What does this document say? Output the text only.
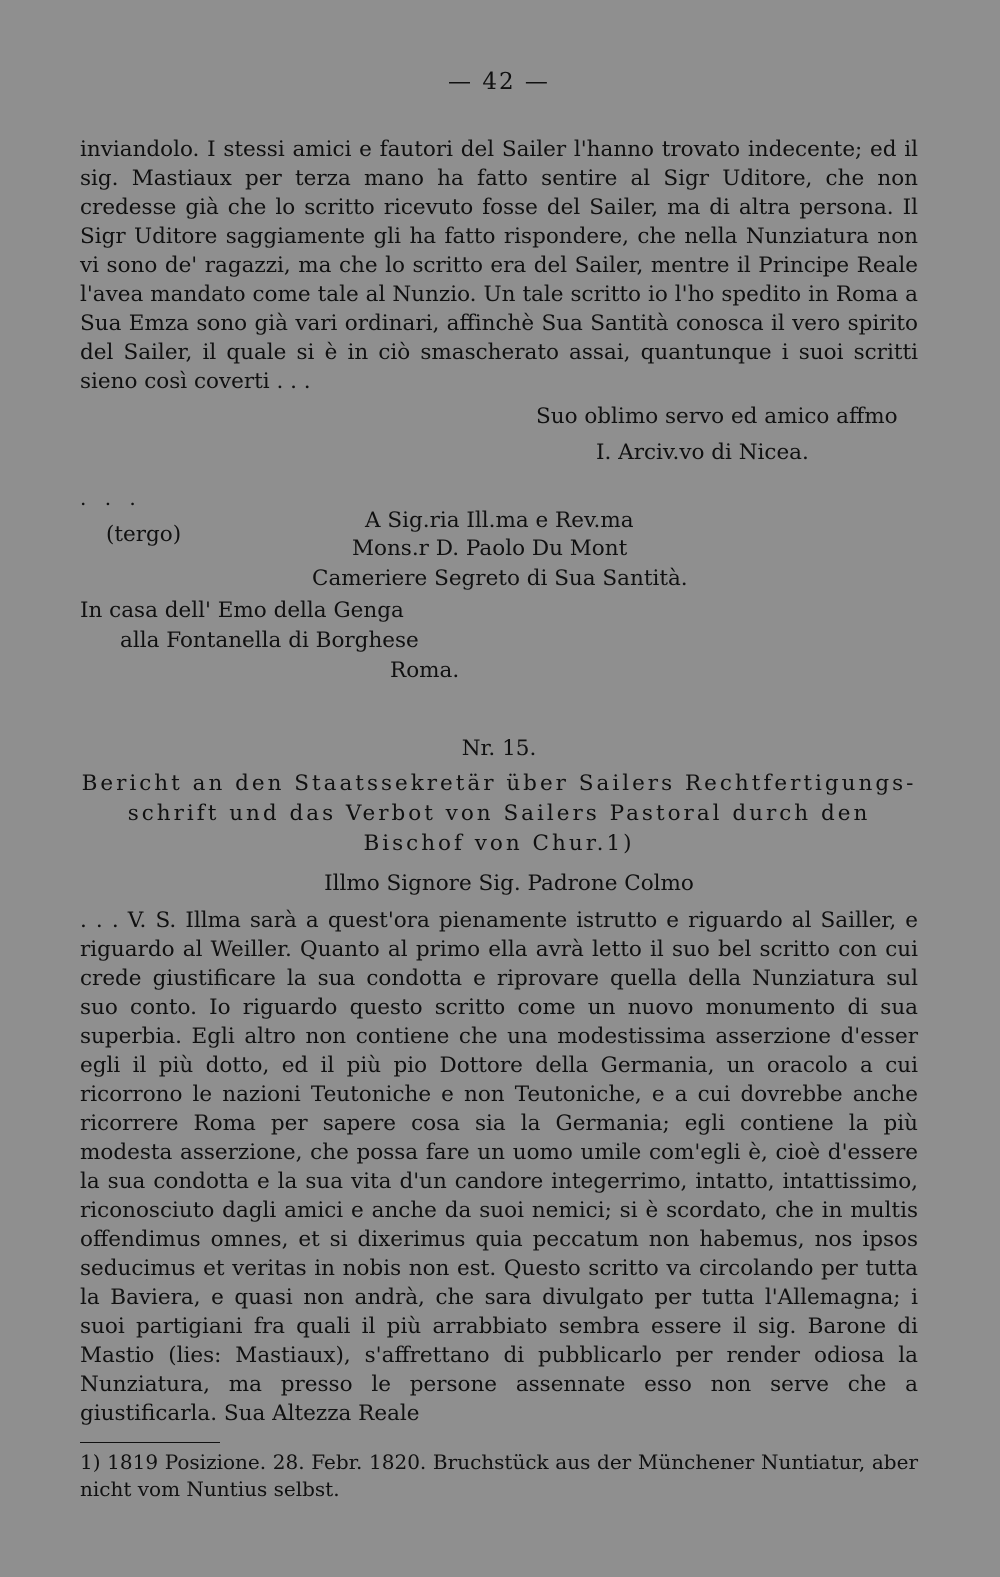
— 42 —

inviandolo. I stessi amici e fautori del Sailer l'hanno trovato indecente; ed il sig. Mastiaux per terza mano ha fatto sentire al Sigr Uditore, che non credesse già che lo scritto ricevuto fosse del Sailer, ma di altra persona. Il Sigr Uditore saggiamente gli ha fatto rispondere, che nella Nunziatura non vi sono de' ragazzi, ma che lo scritto era del Sailer, mentre il Principe Reale l'avea mandato come tale al Nunzio. Un tale scritto io l'ho spedito in Roma a Sua Emza sono già vari ordinari, affinchè Sua Santità conosca il vero spirito del Sailer, il quale si è in ciò smascherato assai, quantunque i suoi scritti sieno così coverti . . .

Suo oblimo servo ed amico affmo
I. Arciv.vo di Nicea.
. . .
(tergo)
A Sig.ria Ill.ma e Rev.ma
Mons.r D. Paolo Du Mont
Cameriere Segreto di Sua Santità.
In casa dell' Emo della Genga
alla Fontanella di Borghese
Roma.
Nr. 15.
Bericht an den Staatssekretär über Sailers Rechtfertigungs-schrift und das Verbot von Sailers Pastoral durch den Bischof von Chur.1)
Illmo Signore Sig. Padrone Colmo

. . . V. S. Illma sarà a quest'ora pienamente istrutto e riguardo al Sailler, e riguardo al Weiller. Quanto al primo ella avrà letto il suo bel scritto con cui crede giustificare la sua condotta e riprovare quella della Nunziatura sul suo conto. Io riguardo questo scritto come un nuovo monumento di sua superbia. Egli altro non contiene che una modestissima asserzione d'esser egli il più dotto, ed il più pio Dottore della Germania, un oracolo a cui ricorrono le nazioni Teutoniche e non Teutoniche, e a cui dovrebbe anche ricorrere Roma per sapere cosa sia la Germania; egli contiene la più modesta asserzione, che possa fare un uomo umile com'egli è, cioè d'essere la sua condotta e la sua vita d'un candore integerrimo, intatto, intattissimo, riconosciuto dagli amici e anche da suoi nemici; si è scordato, che in multis offendimus omnes, et si dixerimus quia peccatum non habemus, nos ipsos seducimus et veritas in nobis non est. Questo scritto va circolando per tutta la Baviera, e quasi non andrà, che sara divulgato per tutta l'Allemagna; i suoi partigiani fra quali il più arrabbiato sembra essere il sig. Barone di Mastio (lies: Mastiaux), s'affrettano di pubblicarlo per render odiosa la Nunziatura, ma presso le persone assennate esso non serve che a giustificarla. Sua Altezza Reale

1) 1819 Posizione. 28. Febr. 1820. Bruchstück aus der Münchener Nuntiatur, aber nicht vom Nuntius selbst.
